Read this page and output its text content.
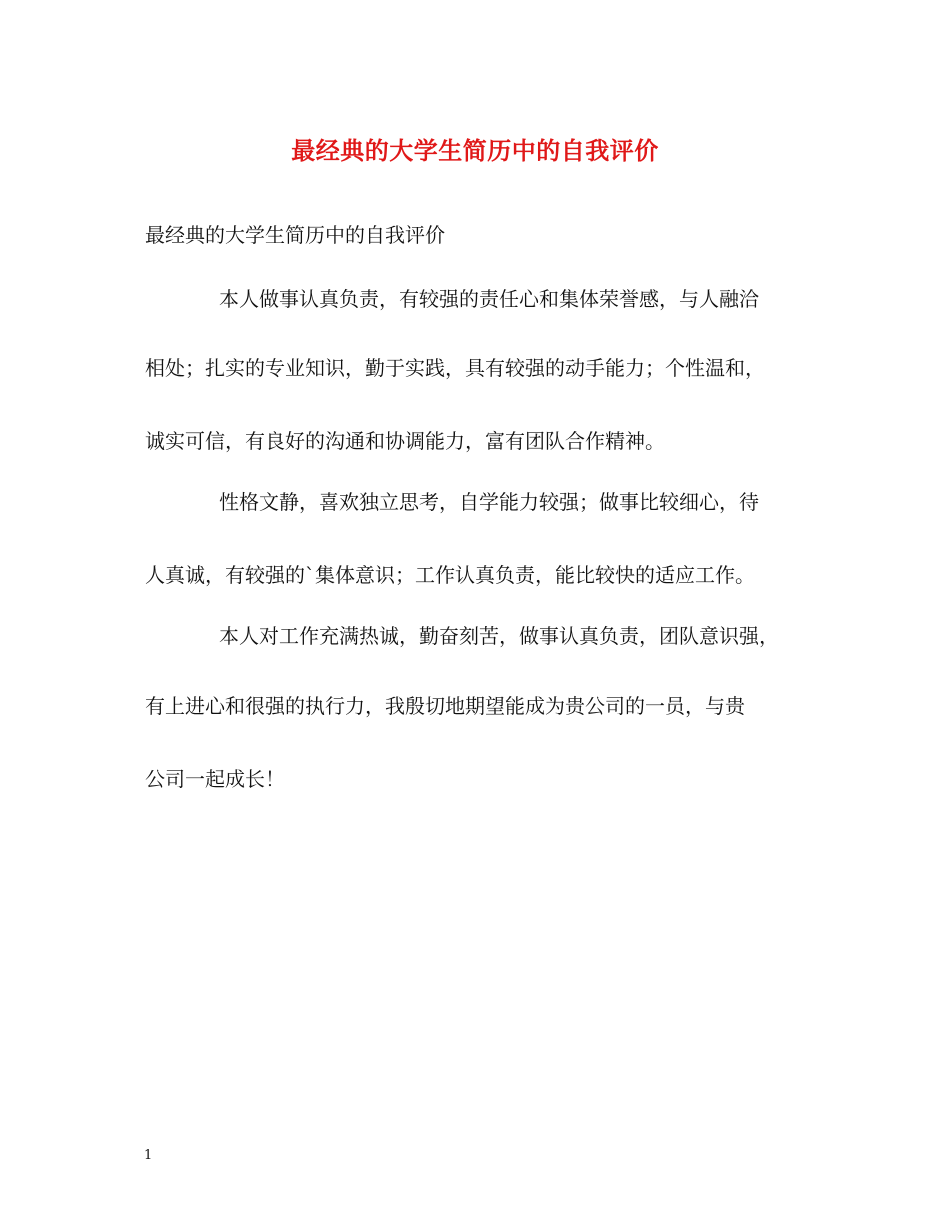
最经典的大学生简历中的自我评价
最经典的大学生简历中的自我评价
本人做事认真负责，有较强的责任心和集体荣誉感，与人融洽
相处；扎实的专业知识，勤于实践，具有较强的动手能力；个性温和，
诚实可信，有良好的沟通和协调能力，富有团队合作精神。
性格文静，喜欢独立思考，自学能力较强；做事比较细心，待
人真诚，有较强的`集体意识；工作认真负责，能比较快的适应工作。
本人对工作充满热诚，勤奋刻苦，做事认真负责，团队意识强，
有上进心和很强的执行力，我殷切地期望能成为贵公司的一员，与贵
公司一起成长！
1
